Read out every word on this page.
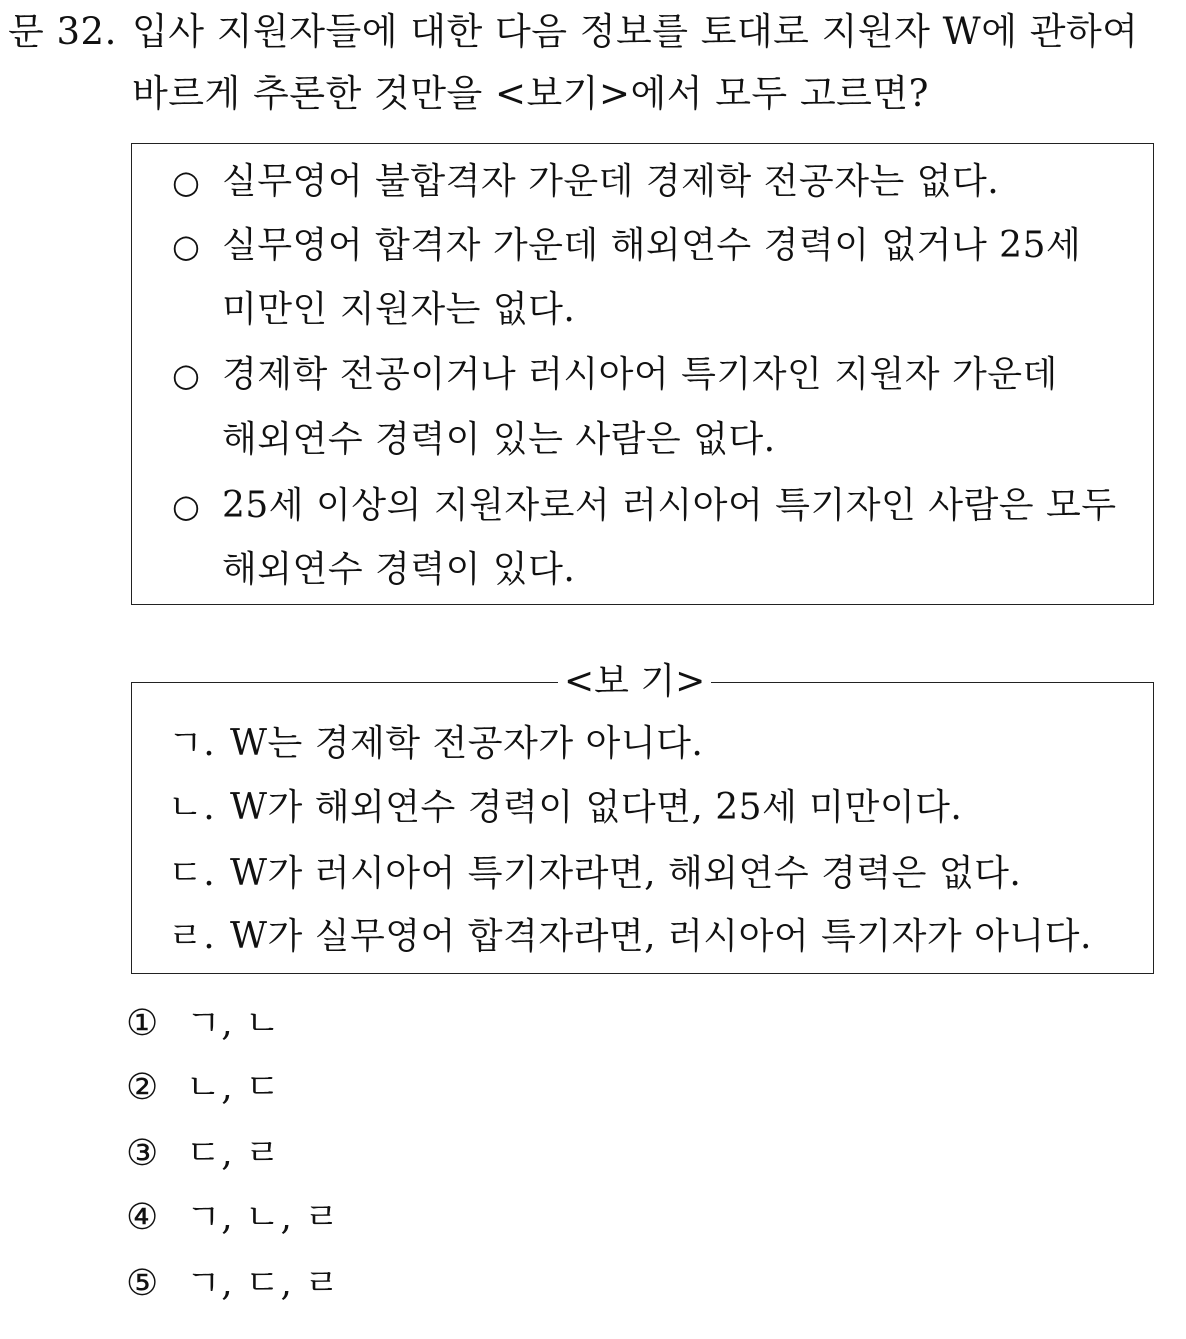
문 32. 입사 지원자들에 대한 다음 정보를 토대로 지원자 W에 관하여
바르게 추론한 것만을 <보기>에서 모두 고르면?
○ 실무영어 불합격자 가운데 경제학 전공자는 없다.
○ 실무영어 합격자 가운데 해외연수 경력이 없거나 25세
미만인 지원자는 없다.
○ 경제학 전공이거나 러시아어 특기자인 지원자 가운데
해외연수 경력이 있는 사람은 없다.
○ 25세 이상의 지원자로서 러시아어 특기자인 사람은 모두
해외연수 경력이 있다.
<보 기>
ㄱ. W는 경제학 전공자가 아니다.
ㄴ. W가 해외연수 경력이 없다면, 25세 미만이다.
ㄷ. W가 러시아어 특기자라면, 해외연수 경력은 없다.
ㄹ. W가 실무영어 합격자라면, 러시아어 특기자가 아니다.
① ㄱ, ㄴ
② ㄴ, ㄷ
③ ㄷ, ㄹ
④ ㄱ, ㄴ, ㄹ
⑤ ㄱ, ㄷ, ㄹ
